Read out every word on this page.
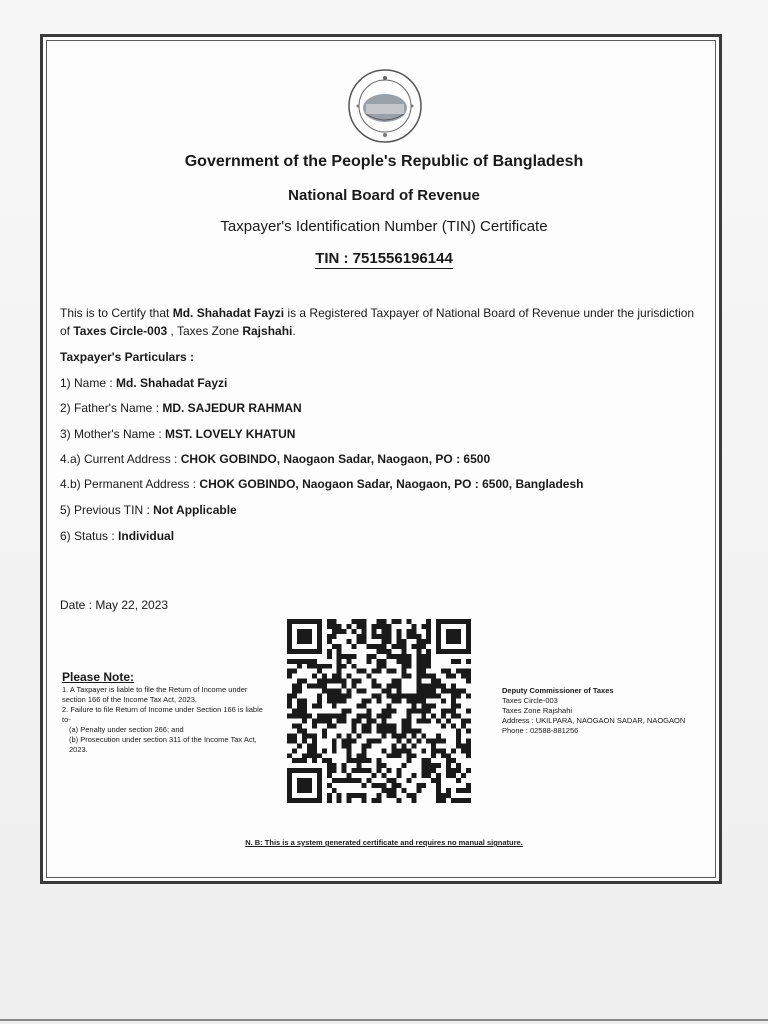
Government of the People's Republic of Bangladesh
National Board of Revenue
Taxpayer's Identification Number (TIN) Certificate
TIN : 751556196144
This is to Certify that Md. Shahadat Fayzi is a Registered Taxpayer of National Board of Revenue under the jurisdiction of Taxes Circle-003 , Taxes Zone Rajshahi.
Taxpayer's Particulars :
1) Name : Md. Shahadat Fayzi
2) Father's Name : MD. SAJEDUR RAHMAN
3) Mother's Name : MST. LOVELY KHATUN
4.a) Current Address : CHOK GOBINDO, Naogaon Sadar, Naogaon, PO : 6500
4.b) Permanent Address : CHOK GOBINDO, Naogaon Sadar, Naogaon, PO : 6500, Bangladesh
5) Previous TIN : Not Applicable
6) Status : Individual
Date : May 22, 2023
Please Note:
1. A Taxpayer is liable to file the Return of Income under section 166 of the Income Tax Act, 2023.
2. Failure to file Return of Income under Section 166 is liable to-
(a) Penalty under section 266; and
(b) Prosecution under section 311 of the Income Tax Act, 2023.
Deputy Commissioner of Taxes
Taxes Circle-003
Taxes Zone Rajshahi
Address : UKILPARA, NAOGAON SADAR, NAOGAON
Phone : 02588-881256
N. B: This is a system generated certificate and requires no manual signature.
